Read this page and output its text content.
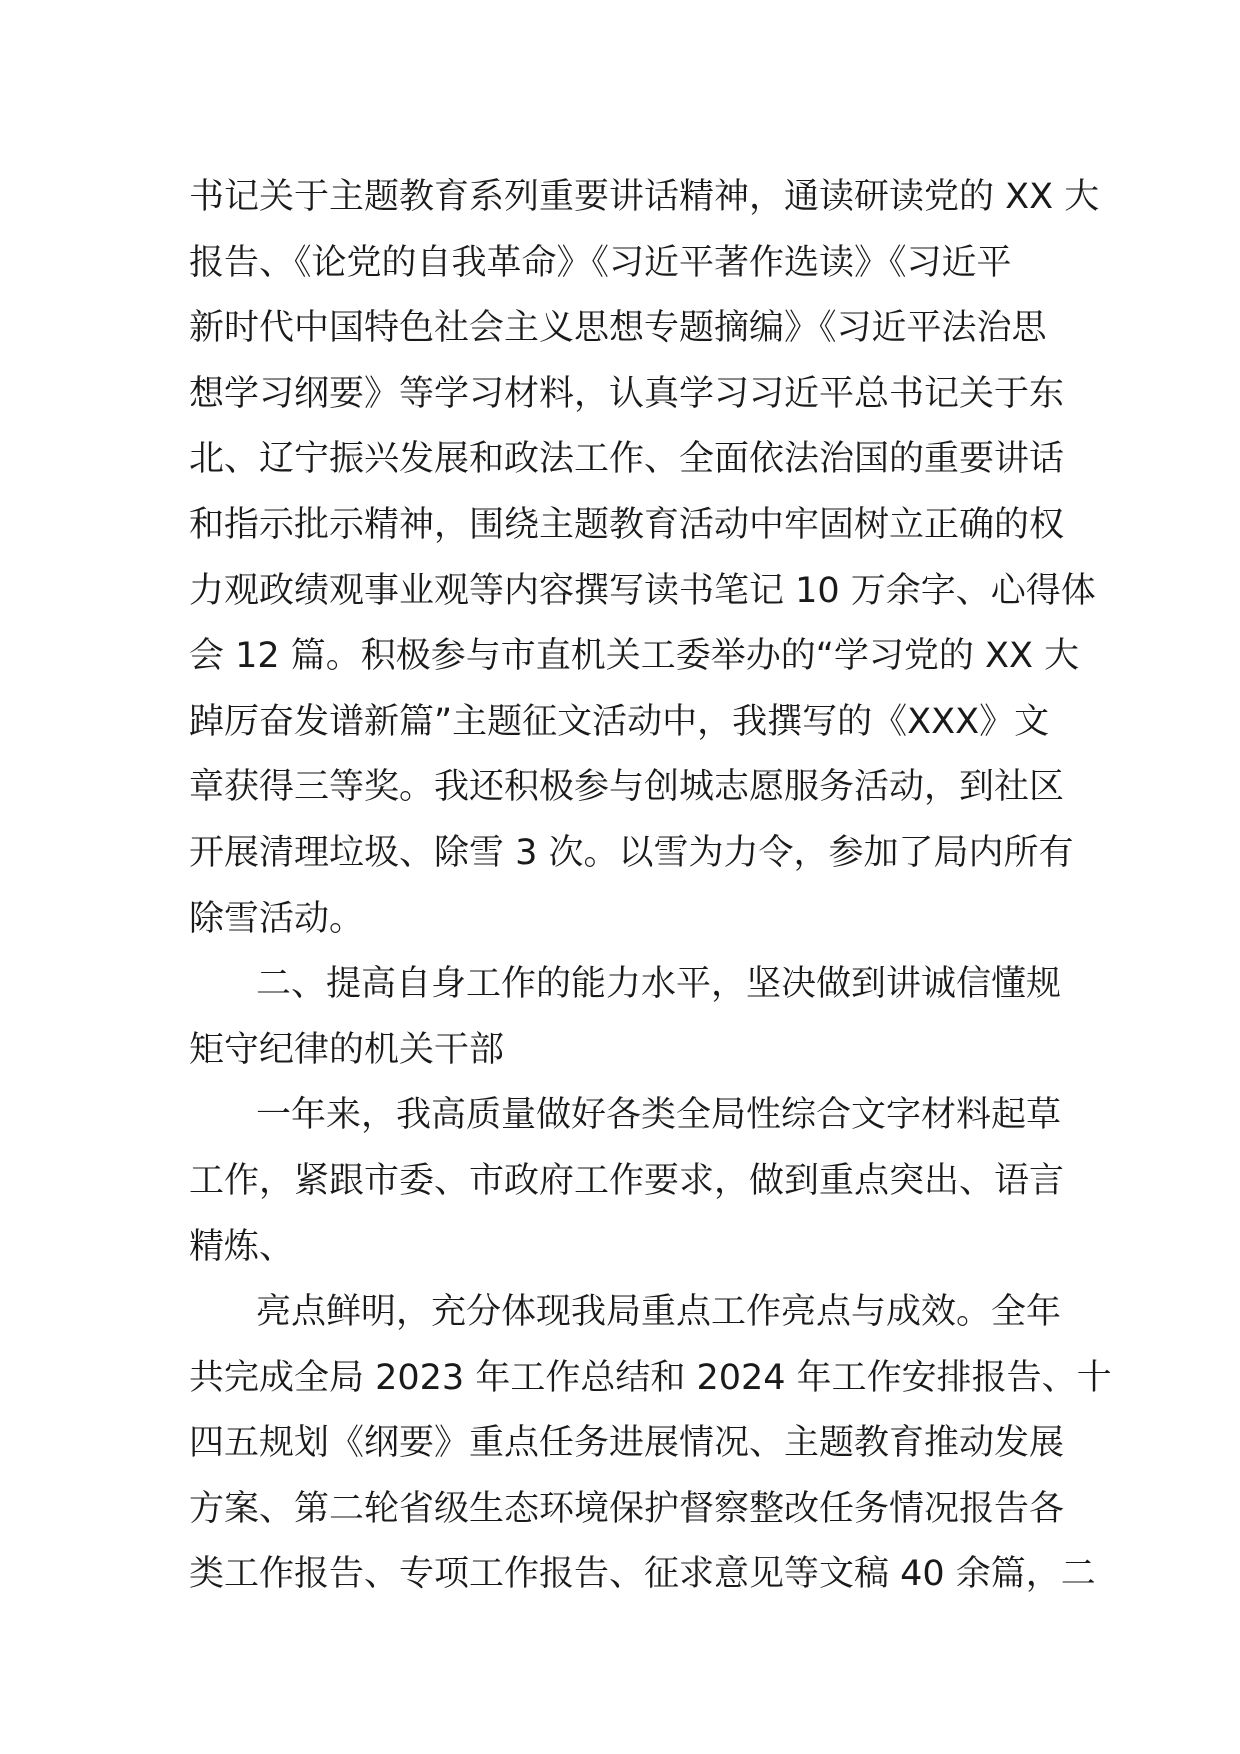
书记关于主题教育系列重要讲话精神，通读研读党的 XX 大
报告、《论党的自我革命》《习近平著作选读》《习近平
新时代中国特色社会主义思想专题摘编》《习近平法治思
想学习纲要》等学习材料，认真学习习近平总书记关于东
北、辽宁振兴发展和政法工作、全面依法治国的重要讲话
和指示批示精神，围绕主题教育活动中牢固树立正确的权
力观政绩观事业观等内容撰写读书笔记 10 万余字、心得体
会 12 篇。积极参与市直机关工委举办的“学习党的 XX 大
踔厉奋发谱新篇”主题征文活动中，我撰写的《XXX》文
章获得三等奖。我还积极参与创城志愿服务活动，到社区
开展清理垃圾、除雪 3 次。以雪为力令，参加了局内所有
除雪活动。
二、提高自身工作的能力水平，坚决做到讲诚信懂规
矩守纪律的机关干部
一年来，我高质量做好各类全局性综合文字材料起草
工作，紧跟市委、市政府工作要求，做到重点突出、语言
精炼、
亮点鲜明，充分体现我局重点工作亮点与成效。全年
共完成全局 2023 年工作总结和 2024 年工作安排报告、十
四五规划《纲要》重点任务进展情况、主题教育推动发展
方案、第二轮省级生态环境保护督察整改任务情况报告各
类工作报告、专项工作报告、征求意见等文稿 40 余篇，二
